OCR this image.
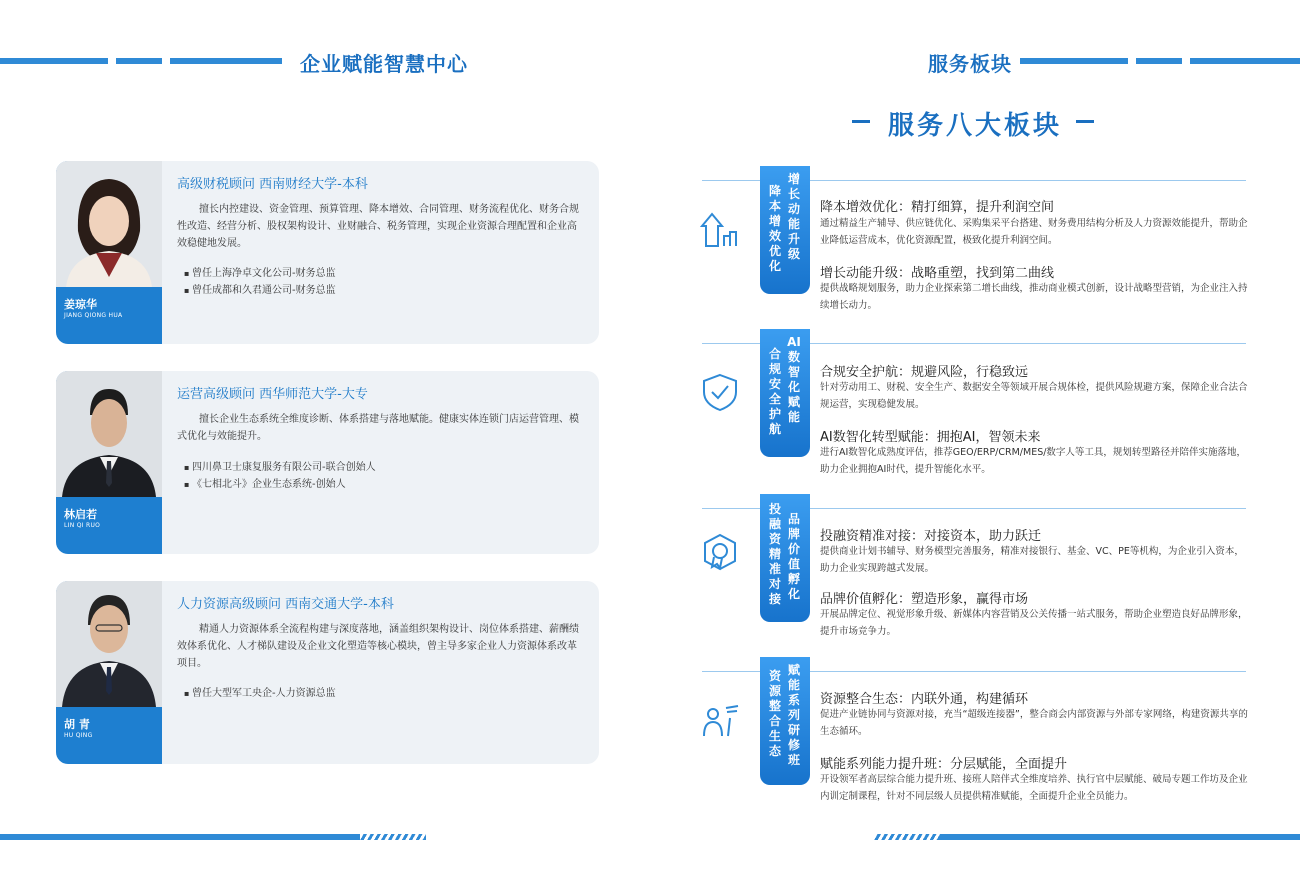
企业赋能智慧中心	服务板块
服务八大板块
姜琼华
JIANG QIONG HUA
高级财税顾问 西南财经大学-本科
擅长内控建设、资金管理、预算管理、降本增效、合同管理、财务流程优化、财务合规性改造、经营分析、股权架构设计、业财融合、税务管理，实现企业资源合理配置和企业高效稳健地发展。
▪ 曾任上海净卓文化公司-财务总监
▪ 曾任成都和久君通公司-财务总监
林启若
LIN QI RUO
运营高级顾问 西华师范大学-大专
擅长企业生态系统全维度诊断、体系搭建与落地赋能。健康实体连锁门店运营管理、模式优化与效能提升。
▪ 四川鼻卫士康复服务有限公司-联合创始人
▪ 《七相北斗》企业生态系统-创始人
胡 青
HU QING
人力资源高级顾问 西南交通大学-本科
精通人力资源体系全流程构建与深度落地，涵盖组织架构设计、岗位体系搭建、薪酬绩效体系优化、人才梯队建设及企业文化塑造等核心模块，曾主导多家企业人力资源体系改革项目。
▪ 曾任大型军工央企-人力资源总监
降本增效优化
增长动能升级
降本增效优化：精打细算，提升利润空间
通过精益生产辅导、供应链优化、采购集采平台搭建、财务费用结构分析及人力资源效能提升，帮助企业降低运营成本，优化资源配置，极致化提升利润空间。
增长动能升级：战略重塑，找到第二曲线
提供战略规划服务，助力企业探索第二增长曲线，推动商业模式创新，设计战略型营销，为企业注入持续增长动力。
合规安全护航
AI数智化赋能
合规安全护航：规避风险，行稳致远
针对劳动用工、财税、安全生产、数据安全等领域开展合规体检，提供风险规避方案，保障企业合法合规运营，实现稳健发展。
AI数智化转型赋能：拥抱AI，智领未来
进行AI数智化成熟度评估，推荐GEO/ERP/CRM/MES/数字人等工具，规划转型路径并陪伴实施落地，助力企业拥抱AI时代，提升智能化水平。
投融资精准对接
品牌价值孵化
投融资精准对接：对接资本，助力跃迁
提供商业计划书辅导、财务模型完善服务，精准对接银行、基金、VC、PE等机构，为企业引入资本，助力企业实现跨越式发展。
品牌价值孵化：塑造形象，赢得市场
开展品牌定位、视觉形象升级、新媒体内容营销及公关传播一站式服务，帮助企业塑造良好品牌形象，提升市场竞争力。
资源整合生态
赋能系列研修班
资源整合生态：内联外通，构建循环
促进产业链协同与资源对接，充当“超级连接器”，整合商会内部资源与外部专家网络，构建资源共享的生态循环。
赋能系列能力提升班：分层赋能，全面提升
开设领军者高层综合能力提升班、接班人陪伴式全维度培养、执行官中层赋能、破局专题工作坊及企业内训定制课程，针对不同层级人员提供精准赋能，全面提升企业全员能力。
